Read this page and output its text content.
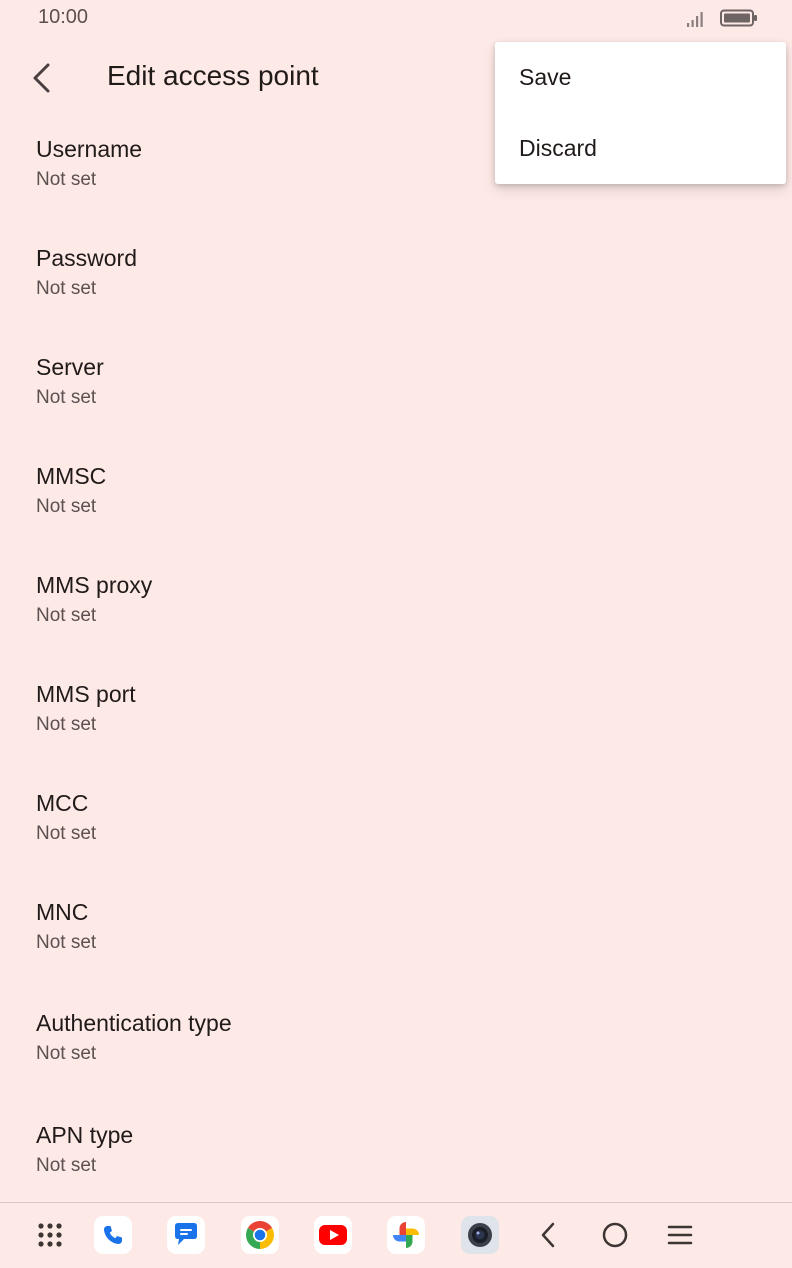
10:00
Edit access point
Username
Not set
Password
Not set
Server
Not set
MMSC
Not set
MMS proxy
Not set
MMS port
Not set
MCC
Not set
MNC
Not set
Authentication type
Not set
APN type
Not set
Save
Discard
